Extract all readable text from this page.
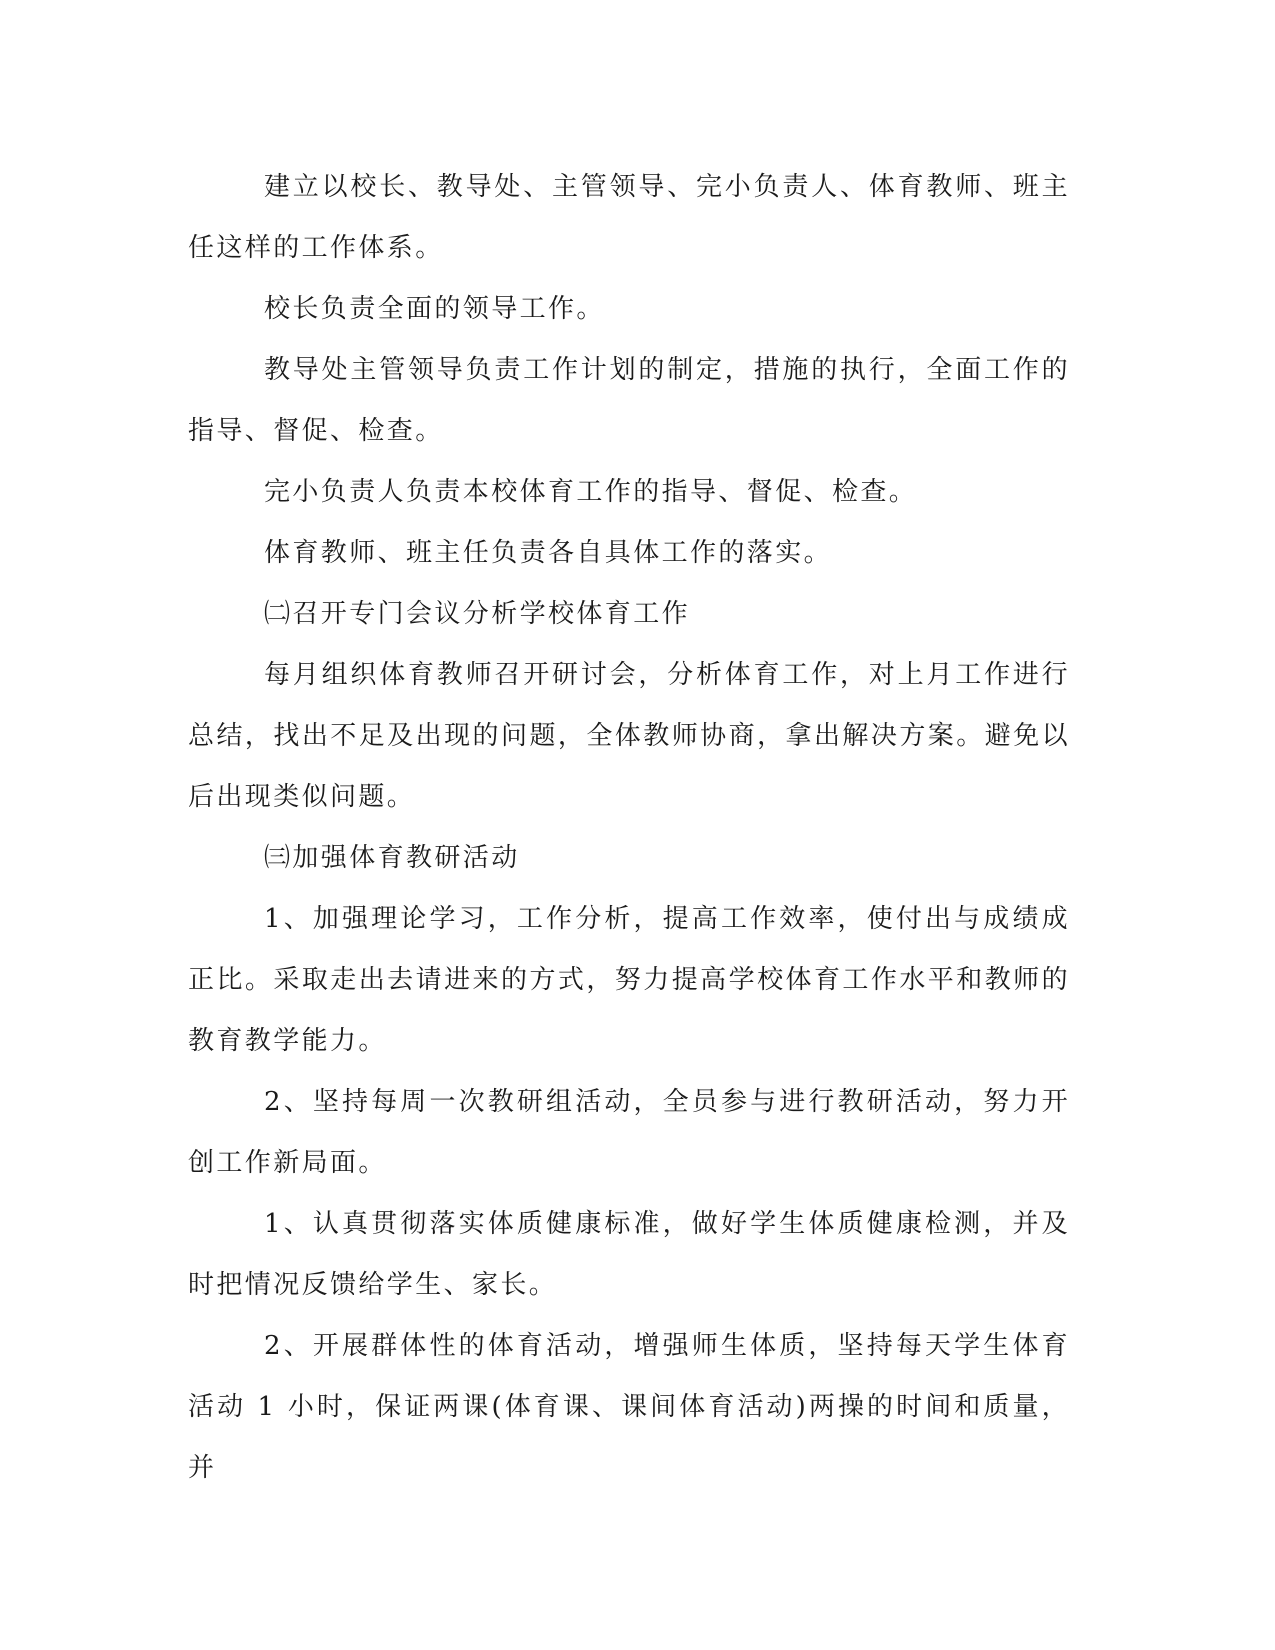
建立以校长、教导处、主管领导、完小负责人、体育教师、班主任这样的工作体系。

校长负责全面的领导工作。

教导处主管领导负责工作计划的制定，措施的执行，全面工作的指导、督促、检查。

完小负责人负责本校体育工作的指导、督促、检查。

体育教师、班主任负责各自具体工作的落实。

㈡召开专门会议分析学校体育工作

每月组织体育教师召开研讨会，分析体育工作，对上月工作进行总结，找出不足及出现的问题，全体教师协商，拿出解决方案。避免以后出现类似问题。

㈢加强体育教研活动

1、加强理论学习，工作分析，提高工作效率，使付出与成绩成正比。采取走出去请进来的方式，努力提高学校体育工作水平和教师的教育教学能力。

2、坚持每周一次教研组活动，全员参与进行教研活动，努力开创工作新局面。

1、认真贯彻落实体质健康标准，做好学生体质健康检测，并及时把情况反馈给学生、家长。

2、开展群体性的体育活动，增强师生体质，坚持每天学生体育活动 1 小时，保证两课(体育课、课间体育活动)两操的时间和质量，并
